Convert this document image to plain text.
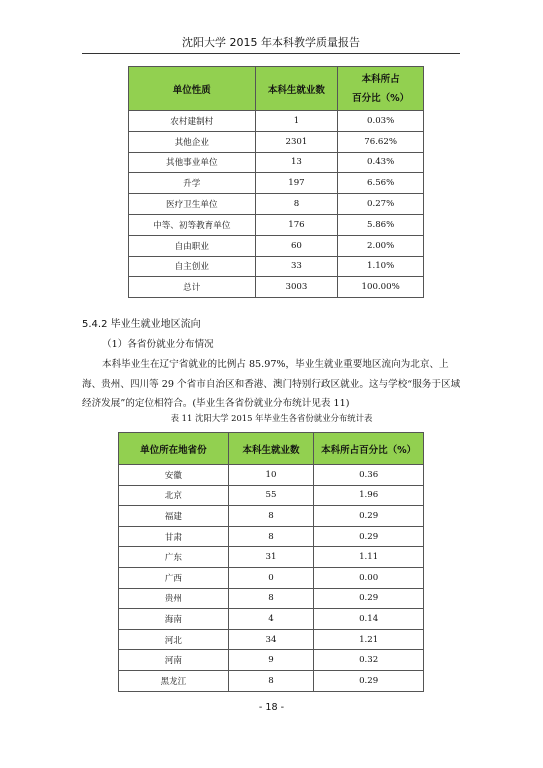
沈阳大学 2015 年本科教学质量报告
单位性质	本科生就业数	本科所占
百分比（%）
农村建制村	1	0.03%
其他企业	2301	76.62%
其他事业单位	13	0.43%
升学	197	6.56%
医疗卫生单位	8	0.27%
中等、初等教育单位	176	5.86%
自由职业	60	2.00%
自主创业	33	1.10%
总计	3003	100.00%
5.4.2 毕业生就业地区流向
（1）各省份就业分布情况
本科毕业生在辽宁省就业的比例占 85.97%，毕业生就业重要地区流向为北京、上海、贵州、四川等 29 个省市自治区和香港、澳门特别行政区就业。这与学校“服务于区域经济发展”的定位相符合。(毕业生各省份就业分布统计见表 11)
表 11 沈阳大学 2015 年毕业生各省份就业分布统计表
单位所在地省份	本科生就业数	本科所占百分比（%）
安徽	10	0.36
北京	55	1.96
福建	8	0.29
甘肃	8	0.29
广东	31	1.11
广西	0	0.00
贵州	8	0.29
海南	4	0.14
河北	34	1.21
河南	9	0.32
黑龙江	8	0.29
- 18 -
